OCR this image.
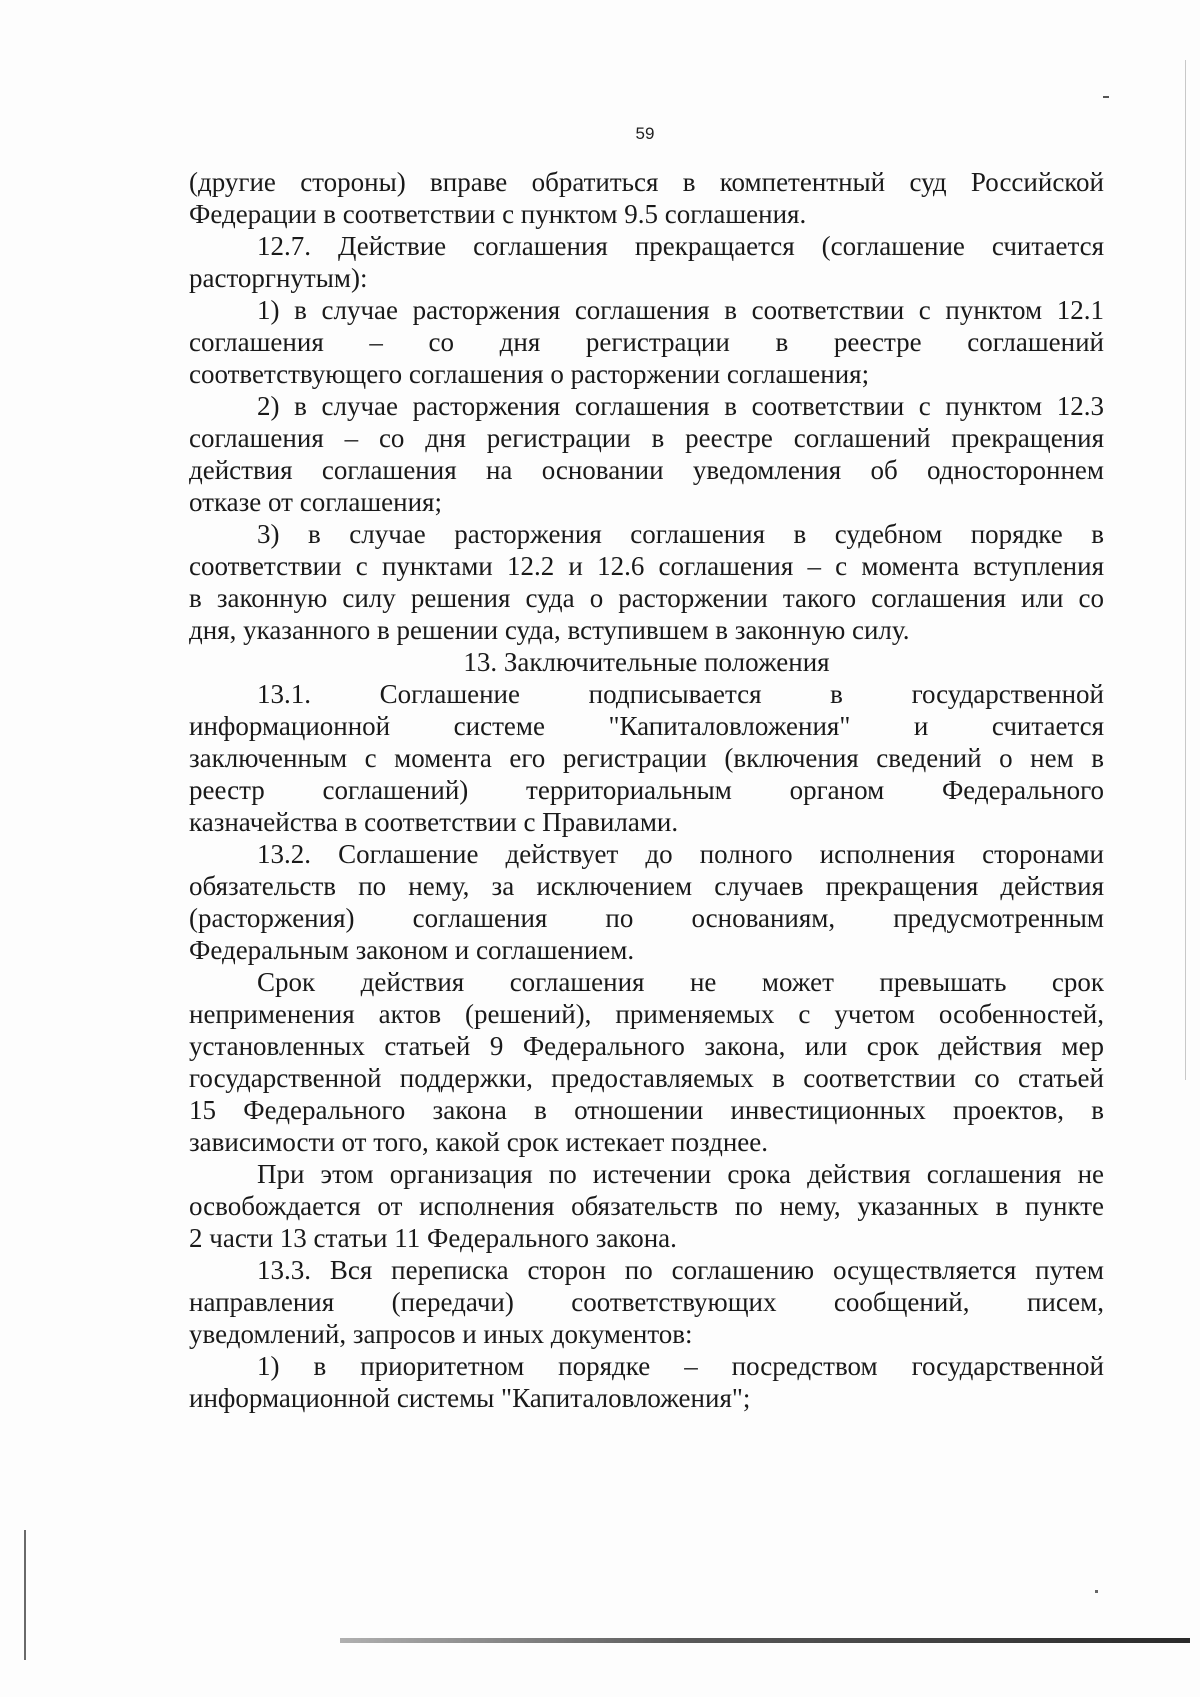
59
(другие стороны) вправе обратиться в компетентный суд Российской
Федерации в соответствии с пунктом 9.5 соглашения.
12.7. Действие соглашения прекращается (соглашение считается
расторгнутым):
1) в случае расторжения соглашения в соответствии с пунктом 12.1
соглашения – со дня регистрации в реестре соглашений
соответствующего соглашения о расторжении соглашения;
2) в случае расторжения соглашения в соответствии с пунктом 12.3
соглашения – со дня регистрации в реестре соглашений прекращения
действия соглашения на основании уведомления об одностороннем
отказе от соглашения;
3) в случае расторжения соглашения в судебном порядке в
соответствии с пунктами 12.2 и 12.6 соглашения – с момента вступления
в законную силу решения суда о расторжении такого соглашения или со
дня, указанного в решении суда, вступившем в законную силу.
13. Заключительные положения
13.1. Соглашение подписывается в государственной
информационной системе "Капиталовложения" и считается
заключенным с момента его регистрации (включения сведений о нем в
реестр соглашений) территориальным органом Федерального
казначейства в соответствии с Правилами.
13.2. Соглашение действует до полного исполнения сторонами
обязательств по нему, за исключением случаев прекращения действия
(расторжения) соглашения по основаниям, предусмотренным
Федеральным законом и соглашением.
Срок действия соглашения не может превышать срок
неприменения актов (решений), применяемых с учетом особенностей,
установленных статьей 9 Федерального закона, или срок действия мер
государственной поддержки, предоставляемых в соответствии со статьей
15 Федерального закона в отношении инвестиционных проектов, в
зависимости от того, какой срок истекает позднее.
При этом организация по истечении срока действия соглашения не
освобождается от исполнения обязательств по нему, указанных в пункте
2 части 13 статьи 11 Федерального закона.
13.3. Вся переписка сторон по соглашению осуществляется путем
направления (передачи) соответствующих сообщений, писем,
уведомлений, запросов и иных документов:
1) в приоритетном порядке – посредством государственной
информационной системы "Капиталовложения";
